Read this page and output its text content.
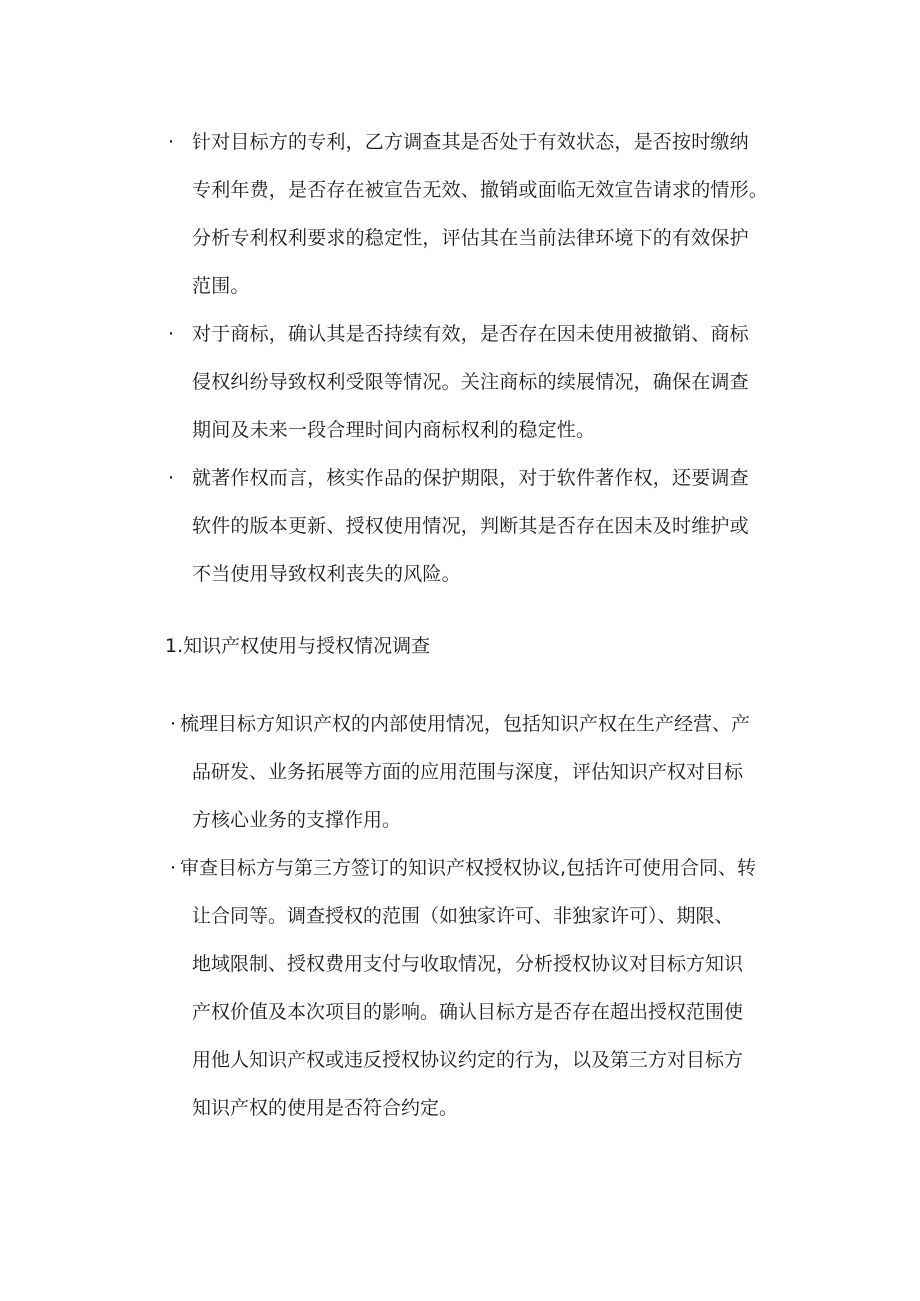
· 针对目标方的专利，乙方调查其是否处于有效状态，是否按时缴纳
专利年费，是否存在被宣告无效、撤销或面临无效宣告请求的情形。
分析专利权利要求的稳定性，评估其在当前法律环境下的有效保护
范围。
· 对于商标，确认其是否持续有效，是否存在因未使用被撤销、商标
侵权纠纷导致权利受限等情况。关注商标的续展情况，确保在调查
期间及未来一段合理时间内商标权利的稳定性。
· 就著作权而言，核实作品的保护期限，对于软件著作权，还要调查
软件的版本更新、授权使用情况，判断其是否存在因未及时维护或
不当使用导致权利丧失的风险。
1.知识产权使用与授权情况调查
· 梳理目标方知识产权的内部使用情况，包括知识产权在生产经营、产
品研发、业务拓展等方面的应用范围与深度，评估知识产权对目标
方核心业务的支撑作用。
· 审查目标方与第三方签订的知识产权授权协议,包括许可使用合同、转
让合同等。调查授权的范围（如独家许可、非独家许可）、期限、
地域限制、授权费用支付与收取情况，分析授权协议对目标方知识
产权价值及本次项目的影响。确认目标方是否存在超出授权范围使
用他人知识产权或违反授权协议约定的行为，以及第三方对目标方
知识产权的使用是否符合约定。
